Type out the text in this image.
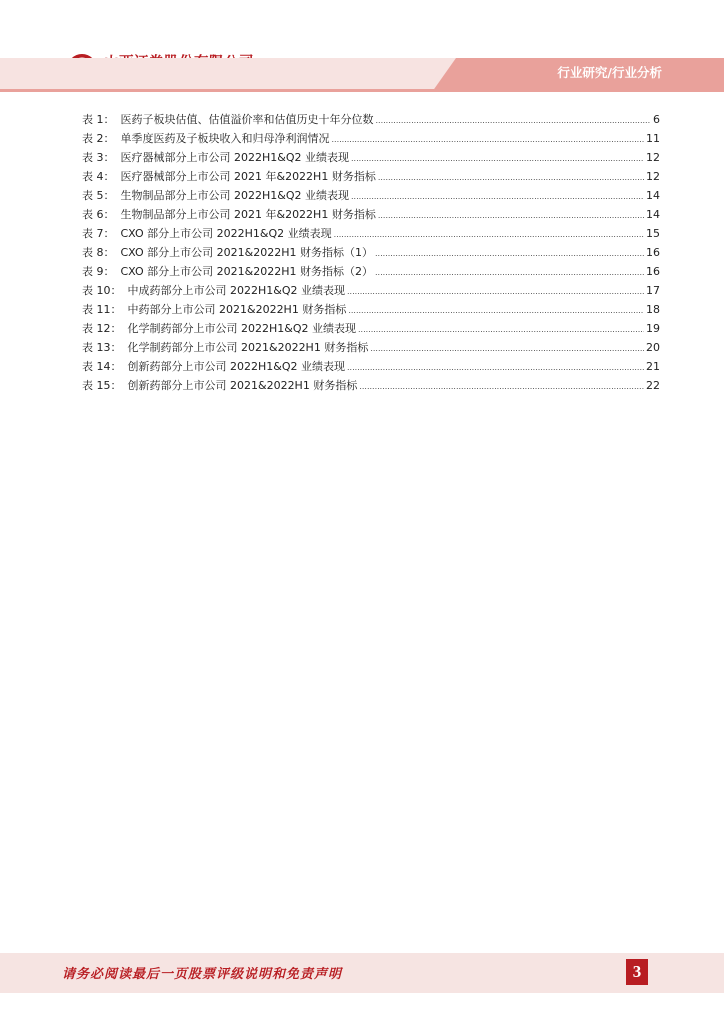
行业研究/行业分析
表 1： 医药子板块估值、估值溢价率和估值历史十年分位数 .....	6
表 2： 单季度医药及子板块收入和归母净利润情况 .....	11
表 3： 医疗器械部分上市公司 2022H1&Q2 业绩表现 .....	12
表 4： 医疗器械部分上市公司 2021 年&2022H1 财务指标 .....	12
表 5： 生物制品部分上市公司 2022H1&Q2 业绩表现 .....	14
表 6： 生物制品部分上市公司 2021 年&2022H1 财务指标 .....	14
表 7： CXO 部分上市公司 2022H1&Q2 业绩表现 .....	15
表 8： CXO 部分上市公司 2021&2022H1 财务指标（1） .....	16
表 9： CXO 部分上市公司 2021&2022H1 财务指标（2） .....	16
表 10： 中成药部分上市公司 2022H1&Q2 业绩表现 .....	17
表 11： 中药部分上市公司 2021&2022H1 财务指标 .....	18
表 12： 化学制药部分上市公司 2022H1&Q2 业绩表现 .....	19
表 13： 化学制药部分上市公司 2021&2022H1 财务指标 .....	20
表 14： 创新药部分上市公司 2022H1&Q2 业绩表现 .....	21
表 15： 创新药部分上市公司 2021&2022H1 财务指标 .....	22
请务必阅读最后一页股票评级说明和免责声明	3
